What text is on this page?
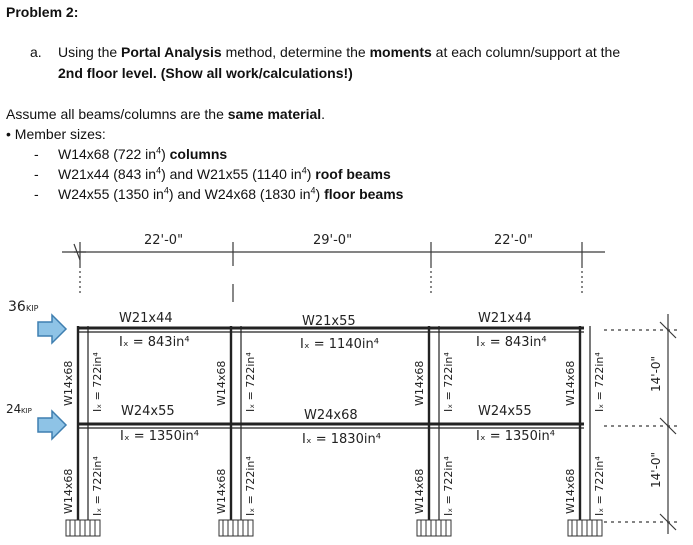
Problem 2:
a. Using the Portal Analysis method, determine the moments at each column/support at the
2nd floor level. (Show all work/calculations!)
Assume all beams/columns are the same material.
• Member sizes:
- W14x68 (722 $in^4$) columns
- W21x44 (843 $in^4$) and W21x55 (1140 $in^4$) roof beams
- W24x55 (1350 $in^4$) and W24x68 (1830 $in^4$) floor beams
22'-0"	29'-0"	22'-0"
36 KIP
24 KIP
W21x44
Iₓ = 843in⁴
W21x55
Iₓ = 1140in⁴
W21x44
Iₓ = 843in⁴
W24x55
Iₓ = 1350in⁴
W24x68
Iₓ = 1830in⁴
W24x55
Iₓ = 1350in⁴
W14x68 Iₓ = 722in⁴	W14x68 Iₓ = 722in⁴	W14x68 Iₓ = 722in⁴	W14x68 Iₓ = 722in⁴
W14x68 Iₓ = 722in⁴	W14x68 Iₓ = 722in⁴	W14x68 Iₓ = 722in⁴	W14x68 Iₓ = 722in⁴
14'-0"
14'-0"
